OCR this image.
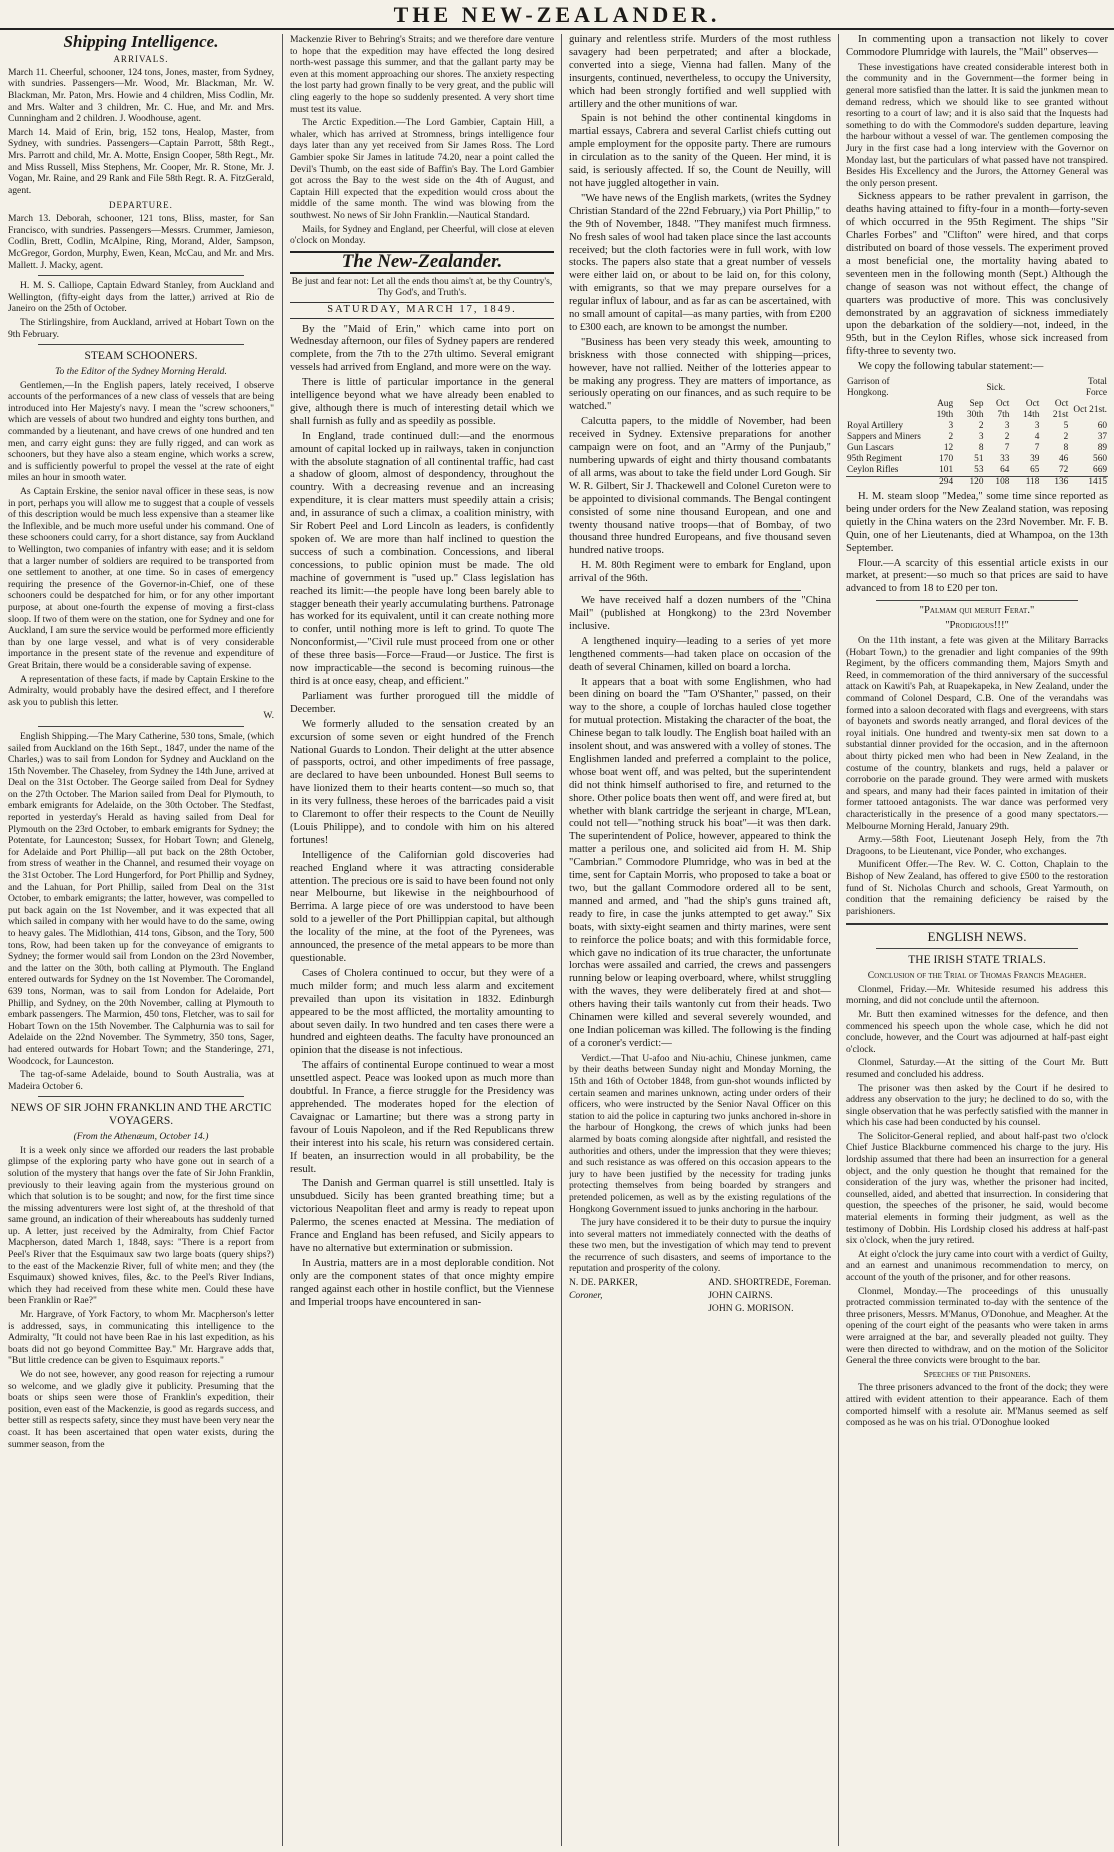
THE NEW-ZEALANDER.
Shipping Intelligence.
ARRIVALS.

March 11. Cheerful, schooner, 124 tons, Jones, master, from Sydney, with sundries. Passengers—Mr. Wood, Mr. Blackman, Mr. W. Blackman, Mr. Paton, Mrs. Howie and 4 children, Miss Codlin, Mr. and Mrs. Walter and 3 children, Mr. C. Hue, and Mr. and Mrs. Cunningham and 2 children. J. Woodhouse, agent.

March 14. Maid of Erin, brig, 152 tons, Healop, Master, from Sydney, with sundries. Passengers—Captain Parrott, 58th Regt., Mrs. Parrott and child, Mr. A. Motte, Ensign Cooper, 58th Regt., Mr. and Miss Russell, Miss Stephens, Mr. Cooper, Mr. R. Stone, Mr. J. Vogan, Mr. Raine, and 29 Rank and File 58th Regt. R. A. FitzGerald, agent.

DEPARTURE.

March 13. Deborah, schooner, 121 tons, Bliss, master, for San Francisco, with sundries. Passengers—Messrs. Crummer, Jamieson, Codlin, Brett, Codlin, McAlpine, Ring, Morand, Alder, Sampson, McGregor, Gordon, Murphy, Ewen, Kean, McCau, and Mr. and Mrs. Mallett. J. Macky, agent.

H. M. S. Calliope, Captain Edward Stanley, from Auckland and Wellington, (fifty-eight days from the latter,) arrived at Rio de Janeiro on the 25th of October.

The Stirlingshire, from Auckland, arrived at Hobart Town on the 9th February.

STEAM SCHOONERS.

To the Editor of the Sydney Morning Herald.

Gentlemen,—In the English papers, lately received, I observe accounts of the performances of a new class of vessels that are being introduced into Her Majesty's navy. I mean the "screw schooners," which are vessels of about two hundred and eighty tons burthen, and commanded by a lieutenant, and have crews of one hundred and ten men, and carry eight guns: they are fully rigged, and can work as schooners, but they have also a steam engine, which works a screw, and is sufficiently powerful to propel the vessel at the rate of eight miles an hour in smooth water.

As Captain Erskine, the senior naval officer in these seas, is now in port, perhaps you will allow me to suggest that a couple of vessels of this description would be much less expensive than a steamer like the Inflexible, and be much more useful under his command. One of these schooners could carry, for a short distance, say from Auckland to Wellington, two companies of infantry with ease; and it is seldom that a larger number of soldiers are required to be transported from one settlement to another, at one time. So in cases of emergency requiring the presence of the Governor-in-Chief, one of these schooners could be despatched for him, or for any other important purpose, at about one-fourth the expense of moving a first-class sloop. If two of them were on the station, one for Sydney and one for Auckland, I am sure the service would be performed more efficiently than by one large vessel, and what is of very considerable importance in the present state of the revenue and expenditure of Great Britain, there would be a considerable saving of expense.

A representation of these facts, if made by Captain Erskine to the Admiralty, would probably have the desired effect, and I therefore ask you to publish this letter.

W.

English Shipping.—The Mary Catherine, 530 tons, Smale, (which sailed from Auckland on the 16th Sept., 1847, under the name of the Charles,) was to sail from London for Sydney and Auckland on the 15th November. The Chaseley, from Sydney the 14th June, arrived at Deal on the 31st October. The George sailed from Deal for Sydney on the 27th October. The Marion sailed from Deal for Plymouth, to embark emigrants for Adelaide, on the 30th October. The Stedfast, reported in yesterday's Herald as having sailed from Deal for Plymouth on the 23rd October, to embark emigrants for Sydney; the Potentate, for Launceston; Sussex, for Hobart Town; and Glenelg, for Adelaide and Port Phillip—all put back on the 28th October, from stress of weather in the Channel, and resumed their voyage on the 31st October. The Lord Hungerford, for Port Phillip and Sydney, and the Lahuan, for Port Phillip, sailed from Deal on the 31st October, to embark emigrants; the latter, however, was compelled to put back again on the 1st November, and it was expected that all which sailed in company with her would have to do the same, owing to heavy gales. The Midlothian, 414 tons, Gibson, and the Tory, 500 tons, Row, had been taken up for the conveyance of emigrants to Sydney; the former would sail from London on the 23rd November, and the latter on the 30th, both calling at Plymouth. The England entered outwards for Sydney on the 1st November. The Coromandel, 639 tons, Norman, was to sail from London for Adelaide, Port Phillip, and Sydney, on the 20th November, calling at Plymouth to embark passengers. The Marmion, 450 tons, Fletcher, was to sail for Hobart Town on the 15th November. The Calphurnia was to sail for Adelaide on the 22nd November. The Symmetry, 350 tons, Sager, had entered outwards for Hobart Town; and the Standeringe, 271, Woodcock, for Launceston.

The tag-of-same Adelaide, bound to South Australia, was at Madeira October 6.

NEWS OF SIR JOHN FRANKLIN AND THE ARCTIC VOYAGERS.

(From the Athenæum, October 14.)

It is a week only since we afforded our readers the last probable glimpse of the exploring party who have gone out in search of a solution of the mystery that hangs over the fate of Sir John Franklin, previously to their leaving again from the mysterious ground on which that solution is to be sought; and now, for the first time since the missing adventurers were lost sight of, at the threshold of that same ground, an indication of their whereabouts has suddenly turned up. A letter, just received by the Admiralty, from Chief Factor Macpherson, dated March 1, 1848, says: "There is a report from Peel's River that the Esquimaux saw two large boats (query ships?) to the east of the Mackenzie River, full of white men; and they (the Esquimaux) showed knives, files, &c. to the Peel's River Indians, which they had received from these white men. Could these have been Franklin or Rae?"

Mr. Hargrave, of York Factory, to whom Mr. Macpherson's letter is addressed, says, in communicating this intelligence to the Admiralty, "It could not have been Rae in his last expedition, as his boats did not go beyond Committee Bay." Mr. Hargrave adds that, "But little credence can be given to Esquimaux reports."

We do not see, however, any good reason for rejecting a rumour so welcome, and we gladly give it publicity. Presuming that the boats or ships seen were those of Franklin's expedition, their position, even east of the Mackenzie, is good as regards success, and better still as respects safety, since they must have been very near the coast. It has been ascertained that open water exists, during the summer season, from the

Mackenzie River to Behring's Straits; and we therefore dare venture to hope that the expedition may have effected the long desired north-west passage this summer, and that the gallant party may be even at this moment approaching our shores. The anxiety respecting the lost party had grown finally to be very great, and the public will cling eagerly to the hope so suddenly presented. A very short time must test its value.

The Arctic Expedition.—The Lord Gambier, Captain Hill, a whaler, which has arrived at Stromness, brings intelligence four days later than any yet received from Sir James Ross. The Lord Gambier spoke Sir James in latitude 74.20, near a point called the Devil's Thumb, on the east side of Baffin's Bay. The Lord Gambier got across the Bay to the west side on the 4th of August, and Captain Hill expected that the expedition would cross about the middle of the same month. The wind was blowing from the southwest. No news of Sir John Franklin.—Nautical Standard.

Mails, for Sydney and England, per Cheerful, will close at eleven o'clock on Monday.

The New-Zealander.
Be just and fear not: Let all the ends thou aims't at, be thy Country's, Thy God's, and Truth's.
SATURDAY, MARCH 17, 1849.

By the "Maid of Erin," which came into port on Wednesday afternoon, our files of Sydney papers are rendered complete, from the 7th to the 27th ultimo. Several emigrant vessels had arrived from England, and more were on the way.

There is little of particular importance in the general intelligence beyond what we have already been enabled to give, although there is much of interesting detail which we shall furnish as fully and as speedily as possible.

In England, trade continued dull:—and the enormous amount of capital locked up in railways, taken in conjunction with the absolute stagnation of all continental traffic, had cast a shadow of gloom, almost of despondency, throughout the country. With a decreasing revenue and an increasing expenditure, it is clear matters must speedily attain a crisis; and, in assurance of such a climax, a coalition ministry, with Sir Robert Peel and Lord Lincoln as leaders, is confidently spoken of. We are more than half inclined to question the success of such a combination. Concessions, and liberal concessions, to public opinion must be made. The old machine of government is "used up." Class legislation has reached its limit:—the people have long been barely able to stagger beneath their yearly accumulating burthens. Patronage has worked for its equivalent, until it can create nothing more to confer, until nothing more is left to grind. To quote The Nonconformist,—"Civil rule must proceed from one or other of these three basis—Force—Fraud—or Justice. The first is now impracticable—the second is becoming ruinous—the third is at once easy, cheap, and efficient."

Parliament was further prorogued till the middle of December.

We formerly alluded to the sensation created by an excursion of some seven or eight hundred of the French National Guards to London. Their delight at the utter absence of passports, octroi, and other impediments of free passage, are declared to have been unbounded. Honest Bull seems to have lionized them to their hearts content—so much so, that in its very fullness, these heroes of the barricades paid a visit to Claremont to offer their respects to the Count de Neuilly (Louis Philippe), and to condole with him on his altered fortunes!

Intelligence of the Californian gold discoveries had reached England where it was attracting considerable attention. The precious ore is said to have been found not only near Melbourne, but likewise in the neighbourhood of Berrima. A large piece of ore was understood to have been sold to a jeweller of the Port Phillippian capital, but although the locality of the mine, at the foot of the Pyrenees, was announced, the presence of the metal appears to be more than questionable.

Cases of Cholera continued to occur, but they were of a much milder form; and much less alarm and excitement prevailed than upon its visitation in 1832. Edinburgh appeared to be the most afflicted, the mortality amounting to about seven daily. In two hundred and ten cases there were a hundred and eighteen deaths. The faculty have pronounced an opinion that the disease is not infectious.

The affairs of continental Europe continued to wear a most unsettled aspect. Peace was looked upon as much more than doubtful. In France, a fierce struggle for the Presidency was apprehended. The moderates hoped for the election of Cavaignac or Lamartine; but there was a strong party in favour of Louis Napoleon, and if the Red Republicans threw their interest into his scale, his return was considered certain. If beaten, an insurrection would in all probability, be the result.

The Danish and German quarrel is still unsettled. Italy is unsubdued. Sicily has been granted breathing time; but a victorious Neapolitan fleet and army is ready to repeat upon Palermo, the scenes enacted at Messina. The mediation of France and England has been refused, and Sicily appears to have no alternative but extermination or submission.

In Austria, matters are in a most deplorable condition. Not only are the component states of that once mighty empire ranged against each other in hostile conflict, but the Viennese and Imperial troops have encountered in san-

guinary and relentless strife. Murders of the most ruthless savagery had been perpetrated; and after a blockade, converted into a siege, Vienna had fallen. Many of the insurgents, continued, nevertheless, to occupy the University, which had been strongly fortified and well supplied with artillery and the other munitions of war.

Spain is not behind the other continental kingdoms in martial essays, Cabrera and several Carlist chiefs cutting out ample employment for the opposite party. There are rumours in circulation as to the sanity of the Queen. Her mind, it is said, is seriously affected. If so, the Count de Neuilly, will not have juggled altogether in vain.

"We have news of the English markets, (writes the Sydney Christian Standard of the 22nd February,) via Port Phillip," to the 9th of November, 1848. "They manifest much firmness. No fresh sales of wool had taken place since the last accounts received; but the cloth factories were in full work, with low stocks. The papers also state that a great number of vessels were either laid on, or about to be laid on, for this colony, with emigrants, so that we may prepare ourselves for a regular influx of labour, and as far as can be ascertained, with no small amount of capital—as many parties, with from £200 to £300 each, are known to be amongst the number.

"Business has been very steady this week, amounting to briskness with those connected with shipping—prices, however, have not rallied. Neither of the lotteries appear to be making any progress. They are matters of importance, as seriously operating on our finances, and as such require to be watched."

Calcutta papers, to the middle of November, had been received in Sydney. Extensive preparations for another campaign were on foot, and an "Army of the Punjaub," numbering upwards of eight and thirty thousand combatants of all arms, was about to take the field under Lord Gough. Sir W. R. Gilbert, Sir J. Thackewell and Colonel Cureton were to be appointed to divisional commands. The Bengal contingent consisted of some nine thousand European, and one and twenty thousand native troops—that of Bombay, of two thousand three hundred Europeans, and five thousand seven hundred native troops.

H. M. 80th Regiment were to embark for England, upon arrival of the 96th.

We have received half a dozen numbers of the "China Mail" (published at Hongkong) to the 23rd November inclusive.

A lengthened inquiry—leading to a series of yet more lengthened comments—had taken place on occasion of the death of several Chinamen, killed on board a lorcha.

It appears that a boat with some Englishmen, who had been dining on board the "Tam O'Shanter," passed, on their way to the shore, a couple of lorchas hauled close together for mutual protection. Mistaking the character of the boat, the Chinese began to talk loudly. The English boat hailed with an insolent shout, and was answered with a volley of stones. The Englishmen landed and preferred a complaint to the police, whose boat went off, and was pelted, but the superintendent did not think himself authorised to fire, and returned to the shore. Other police boats then went off, and were fired at, but whether with blank cartridge the serjeant in charge, M'Lean, could not tell—"nothing struck his boat"—it was then dark. The superintendent of Police, however, appeared to think the matter a perilous one, and solicited aid from H. M. Ship "Cambrian." Commodore Plumridge, who was in bed at the time, sent for Captain Morris, who proposed to take a boat or two, but the gallant Commodore ordered all to be sent, manned and armed, and "had the ship's guns trained aft, ready to fire, in case the junks attempted to get away." Six boats, with sixty-eight seamen and thirty marines, were sent to reinforce the police boats; and with this formidable force, which gave no indication of its true character, the unfortunate lorchas were assailed and carried, the crews and passengers running below or leaping overboard, where, whilst struggling with the waves, they were deliberately fired at and shot—others having their tails wantonly cut from their heads. Two Chinamen were killed and several severely wounded, and one Indian policeman was killed. The following is the finding of a coroner's verdict:—

Verdict.—That U-afoo and Niu-achiu, Chinese junkmen, came by their deaths between Sunday night and Monday Morning, the 15th and 16th of October 1848, from gun-shot wounds inflicted by certain seamen and marines unknown, acting under orders of their officers, who were instructed by the Senior Naval Officer on this station to aid the police in capturing two junks anchored in-shore in the harbour of Hongkong, the crews of which junks had been alarmed by boats coming alongside after nightfall, and resisted the authorities and others, under the impression that they were thieves; and such resistance as was offered on this occasion appears to the jury to have been justified by the necessity for trading junks protecting themselves from being boarded by strangers and pretended policemen, as well as by the existing regulations of the Hongkong Government issued to junks anchoring in the harbour.

The jury have considered it to be their duty to pursue the inquiry into several matters not immediately connected with the deaths of these two men, but the investigation of which may tend to prevent the recurrence of such disasters, and seems of importance to the reputation and prosperity of the colony.

N. DE. PARKER,
Coroner,
AND. SHORTREDE, Foreman.
JOHN CAIRNS.
JOHN G. MORISON.

In commenting upon a transaction not likely to cover Commodore Plumridge with laurels, the "Mail" observes—

These investigations have created considerable interest both in the community and in the Government—the former being in general more satisfied than the latter. It is said the junkmen mean to demand redress, which we should like to see granted without resorting to a court of law; and it is also said that the Inquests had something to do with the Commodore's sudden departure, leaving the harbour without a vessel of war. The gentlemen composing the Jury in the first case had a long interview with the Governor on Monday last, but the particulars of what passed have not transpired. Besides His Excellency and the Jurors, the Attorney General was the only person present.

Sickness appears to be rather prevalent in garrison, the deaths having attained to fifty-four in a month—forty-seven of which occurred in the 95th Regiment. The ships "Sir Charles Forbes" and "Clifton" were hired, and that corps distributed on board of those vessels. The experiment proved a most beneficial one, the mortality having abated to seventeen men in the following month (Sept.) Although the change of season was not without effect, the change of quarters was productive of more. This was conclusively demonstrated by an aggravation of sickness immediately upon the debarkation of the soldiery—not, indeed, in the 95th, but in the Ceylon Rifles, whose sick increased from fifty-three to seventy two.

We copy the following tabular statement:—

Garrison of Hongkong.	Sick.					Total Force
	Aug 19th	Sep 30th	Oct 7th	Oct 14th	Oct 21st	Oct 21st.
Royal Artillery	3	2	3	3	5	60
Sappers and Miners	2	3	2	4	2	37
Gun Lascars	12	8	7	7	8	89
95th Regiment	170	51	33	39	46	560
Ceylon Rifles	101	53	64	65	72	669
	294	120	108	118	136	1415

H. M. steam sloop "Medea," some time since reported as being under orders for the New Zealand station, was reposing quietly in the China waters on the 23rd November. Mr. F. B. Quin, one of her Lieutenants, died at Whampoa, on the 13th September.

Flour.—A scarcity of this essential article exists in our market, at present:—so much so that prices are said to have advanced to from 18 to £20 per ton.

"Palmam qui meruit Ferat."

"Prodigious!!!"

On the 11th instant, a fete was given at the Military Barracks (Hobart Town,) to the grenadier and light companies of the 99th Regiment, by the officers commanding them, Majors Smyth and Reed, in commemoration of the third anniversary of the successful attack on Kawiti's Pah, at Ruapekapeka, in New Zealand, under the command of Colonel Despard, C.B. One of the verandahs was formed into a saloon decorated with flags and evergreens, with stars of bayonets and swords neatly arranged, and floral devices of the royal initials. One hundred and twenty-six men sat down to a substantial dinner provided for the occasion, and in the afternoon about thirty picked men who had been in New Zealand, in the costume of the country, blankets and rugs, held a palaver or corroborie on the parade ground. They were armed with muskets and spears, and many had their faces painted in imitation of their former tattooed antagonists. The war dance was performed very characteristically in the presence of a good many spectators.—Melbourne Morning Herald, January 29th.

Army.—58th Foot, Lieutenant Joseph Hely, from the 7th Dragoons, to be Lieutenant, vice Ponder, who exchanges.

Munificent Offer.—The Rev. W. C. Cotton, Chaplain to the Bishop of New Zealand, has offered to give £500 to the restoration fund of St. Nicholas Church and schools, Great Yarmouth, on condition that the remaining deficiency be raised by the parishioners.

ENGLISH NEWS.
THE IRISH STATE TRIALS.

Conclusion of the Trial of Thomas Francis Meagher.

Clonmel, Friday.—Mr. Whiteside resumed his address this morning, and did not conclude until the afternoon.

Mr. Butt then examined witnesses for the defence, and then commenced his speech upon the whole case, which he did not conclude, however, and the Court was adjourned at half-past eight o'clock.

Clonmel, Saturday.—At the sitting of the Court Mr. Butt resumed and concluded his address.

The prisoner was then asked by the Court if he desired to address any observation to the jury; he declined to do so, with the single observation that he was perfectly satisfied with the manner in which his case had been conducted by his counsel.

The Solicitor-General replied, and about half-past two o'clock Chief Justice Blackburne commenced his charge to the jury. His lordship assumed that there had been an insurrection for a general object, and the only question he thought that remained for the consideration of the jury was, whether the prisoner had incited, counselled, aided, and abetted that insurrection. In considering that question, the speeches of the prisoner, he said, would become material elements in forming their judgment, as well as the testimony of Dobbin. His Lordship closed his address at half-past six o'clock, when the jury retired.

At eight o'clock the jury came into court with a verdict of Guilty, and an earnest and unanimous recommendation to mercy, on account of the youth of the prisoner, and for other reasons.

Clonmel, Monday.—The proceedings of this unusually protracted commission terminated to-day with the sentence of the three prisoners, Messrs. M'Manus, O'Donohue, and Meagher. At the opening of the court eight of the peasants who were taken in arms were arraigned at the bar, and severally pleaded not guilty. They were then directed to withdraw, and on the motion of the Solicitor General the three convicts were brought to the bar.

Speeches of the Prisoners.

The three prisoners advanced to the front of the dock; they were attired with evident attention to their appearance. Each of them comported himself with a resolute air. M'Manus seemed as self composed as he was on his trial. O'Donoghue looked
